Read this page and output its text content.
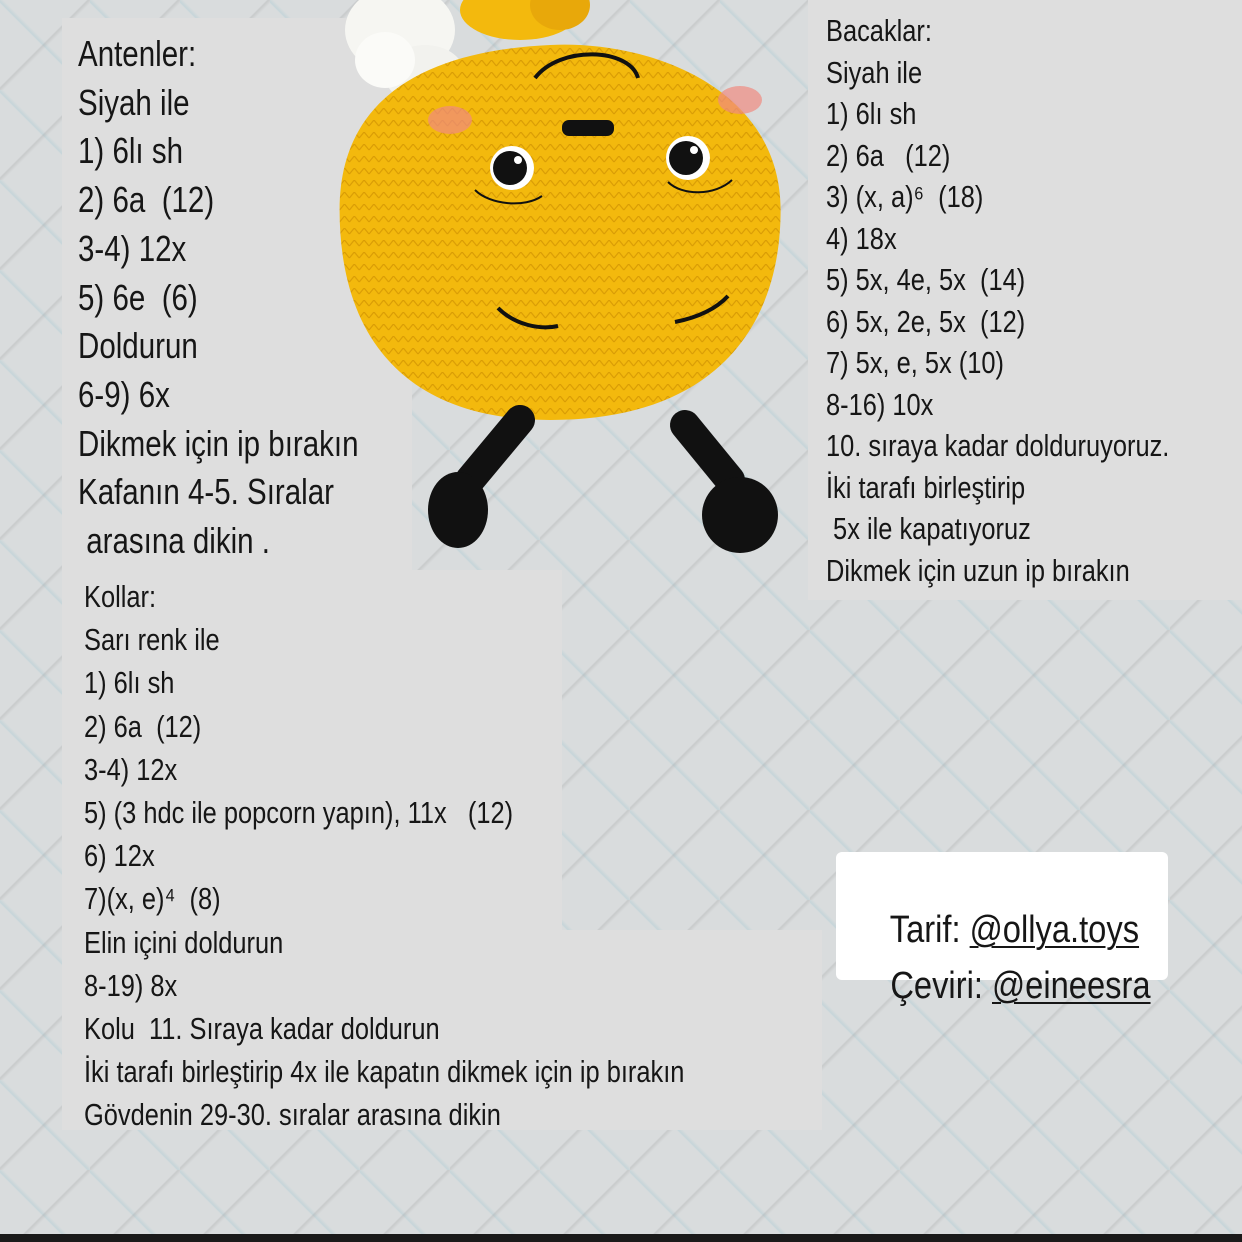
Antenler:
Siyah ile
1) 6lı sh
2) 6a  (12)
3-4) 12x
5) 6e  (6)
Doldurun
6-9) 6x
Dikmek için ip bırakın
Kafanın 4-5. Sıralar
arasına dikin .
Bacaklar:
Siyah ile
1) 6lı sh
2) 6a   (12)
3) (x, a)⁶  (18)
4) 18x
5) 5x, 4e, 5x  (14)
6) 5x, 2e, 5x  (12)
7) 5x, e, 5x (10)
8-16) 10x
10. sıraya kadar dolduruyoruz.
İki tarafı birleştirip
5x ile kapatıyoruz
Dikmek için uzun ip bırakın
Kollar:
Sarı renk ile
1) 6lı sh
2) 6a  (12)
3-4) 12x
5) (3 hdc ile popcorn yapın), 11x   (12)
6) 12x
7)(x, e)⁴  (8)
Elin içini doldurun
8-19) 8x
Kolu  11. Sıraya kadar doldurun
İki tarafı birleştirip 4x ile kapatın dikmek için ip bırakın
Gövdenin 29-30. sıralar arasına dikin

Tarif: @ollya.toys

Çeviri: @eineesra
